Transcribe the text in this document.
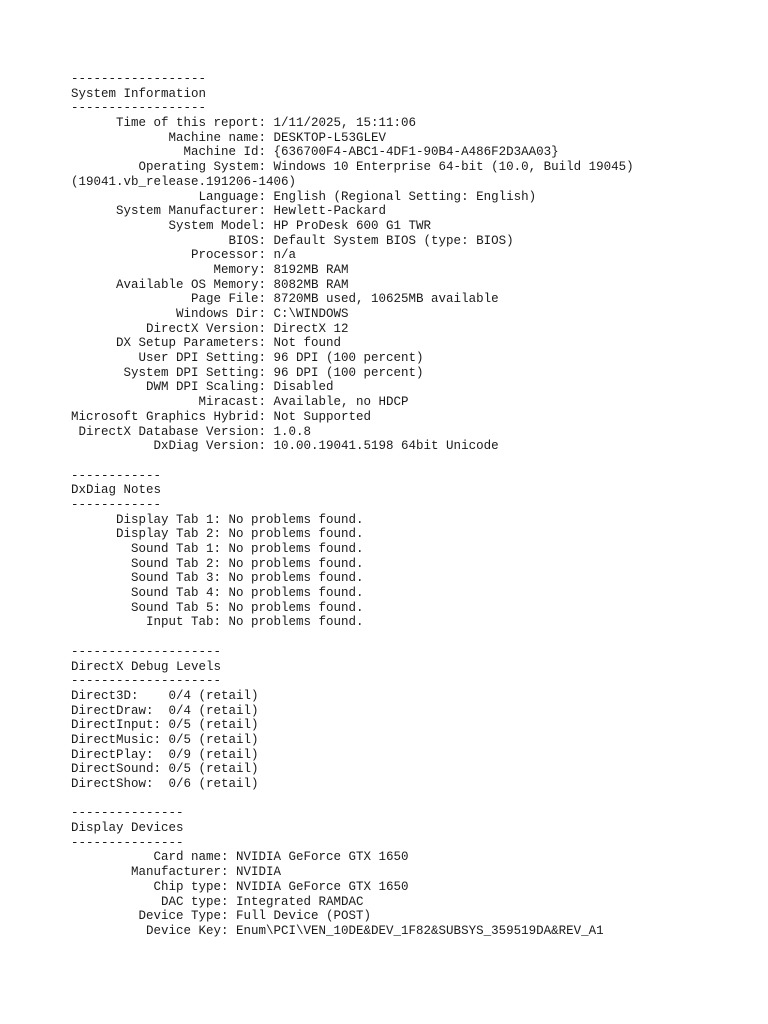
------------------
System Information
------------------
Time of this report: 1/11/2025, 15:11:06
Machine name: DESKTOP-L53GLEV
Machine Id: {636700F4-ABC1-4DF1-90B4-A486F2D3AA03}
Operating System: Windows 10 Enterprise 64-bit (10.0, Build 19045)
(19041.vb_release.191206-1406)
Language: English (Regional Setting: English)
System Manufacturer: Hewlett-Packard
System Model: HP ProDesk 600 G1 TWR
BIOS: Default System BIOS (type: BIOS)
Processor: n/a
Memory: 8192MB RAM
Available OS Memory: 8082MB RAM
Page File: 8720MB used, 10625MB available
Windows Dir: C:\WINDOWS
DirectX Version: DirectX 12
DX Setup Parameters: Not found
User DPI Setting: 96 DPI (100 percent)
System DPI Setting: 96 DPI (100 percent)
DWM DPI Scaling: Disabled
Miracast: Available, no HDCP
Microsoft Graphics Hybrid: Not Supported
DirectX Database Version: 1.0.8
DxDiag Version: 10.00.19041.5198 64bit Unicode
------------
DxDiag Notes
------------
Display Tab 1: No problems found.
Display Tab 2: No problems found.
Sound Tab 1: No problems found.
Sound Tab 2: No problems found.
Sound Tab 3: No problems found.
Sound Tab 4: No problems found.
Sound Tab 5: No problems found.
Input Tab: No problems found.
--------------------
DirectX Debug Levels
--------------------
Direct3D:    0/4 (retail)
DirectDraw:  0/4 (retail)
DirectInput: 0/5 (retail)
DirectMusic: 0/5 (retail)
DirectPlay:  0/9 (retail)
DirectSound: 0/5 (retail)
DirectShow:  0/6 (retail)
---------------
Display Devices
---------------
Card name: NVIDIA GeForce GTX 1650
Manufacturer: NVIDIA
Chip type: NVIDIA GeForce GTX 1650
DAC type: Integrated RAMDAC
Device Type: Full Device (POST)
Device Key: Enum\PCI\VEN_10DE&DEV_1F82&SUBSYS_359519DA&REV_A1
